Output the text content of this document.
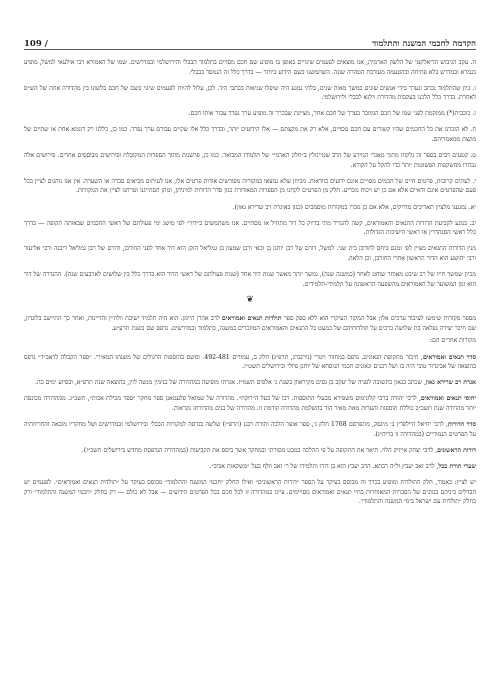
הקדמה לחכמי המשנה והתלמוד
109 /

ה. עקב הגיבוש הדיאלקטי של הלשון הארמית, אנו מוצאים לפעמים שינויים באופן בו מופיע שם חכם מסויים בתלמוד הבבלי והירושלמי ובמדרשים. שמו של האמורא רבי אילעאי למשל, מופיע בגמרא ובמדרש בלא פתיחה ובהטעמה מעורבת הטהרה שונה. השתמשנו בשם הידוע ביותר — בדרך כלל זה הנמסר בבבלי.

ו. כיון שהתלמוד נכתב ונערך בידי אנשים שונים במשך מאות שנים, בלתי נמנע היה שיפלו שגיאות בכתבי היד. לכן, עלול להיות לפעמים שינוי בשם של חכם בלשונו בין מהדורה אחת של הש״ס לאחרת. בדרך כלל הלכנו בעקבות מהדורת וילנא לבבלי ולירושלמי.

ז. כוכבית(*) ממוקמת לפני שמו של חכם המוזכר בערך של חכם אחר, מציינת שבכרך זה מופיע ערך נפרד עבור אותו חכם.

ח. לא הזכרנו את כל החכמים שהיו קשורים עם חכם מסויים, אלא רק את מקצתם — אלו הידועים יותר, ובדרך כלל אלו שקיים עבורם ערך נפרד. כמו כן, כללנו רק דוגמא אחת או שתיים של מקצת ממאמריהם.

ט. קטעים רבים בספר זה נלקחו מתוך מאגרי המידע של הרב שטיינזלץ ב״חלק הארמי״ של תלמודו המבואר. כמו כן, פרשנות מתוך הספרות המקובלת ופירושים מבוססים אחרים. פירושים אלה נבחרו מהשקפות הפשוטות יותר כדי להקל על הקורא.

י. לעתים קרובות, פרטים חיים של חכמים מסויים אינם ידועים בוודאות. מכיוון שלא נמצאו במקורות מפורשים אודות פרטים אלו, אנו לעיתים מביאים סברה או השערה. אין אנו נוהגים לציין בכל פעם שהפרטים אינם ודאיים אלא אם כן יש ויכוח מכריע. חלק מן הפרטים לקחנו מן הספרות המאוחרת כגון סדר הדורות למיניהן, ומהן הסתייגנו וטרחנו לציין את המקורות.

יא. נמנענו מלציין תאריכים מדויקים, אלא אם כן נזכרו במקורות מוסמכים (כגון באיגרת רב שרירא גאון).

יב. בנוגע לקביעת הדורות התנאים והאמוראים, קשה להגדיר מתי בדיוק כל דור מתחיל או מסתיים. אנו משתמשים ב״דור״ לפי מושג ימי פעולתם של ראשי החכמים שבאותה תקופה — בדרך כלל ראשי הסנהדרין או ראשי הישיבות הגדולות.

מנין הדורות התנאים מציין לפי זמנם ביחס לחורבן בית שני. למשל, דורם של רבן יוחנן בן זכאי ורבן שמעון בן גמליאל הזקן הוא דור אחד לפני החורבן, ודורם של רבן גמליאל דיבנה ורבי אליעזר ורבי יהושע הוא הדור הראשון אחרי החורבן, וכן הלאה.

מכיון שמשך חייו של רב שיבט מאוחר שוחט לאחר (כמשנה שנה), נמשך יותר מאשר שנות דור אחד (שנות פעולתם של ראשי הדור הוא בדרך כלל בין שלושים לארבעים שנה). ההגדרה של דור הוא זמן המשוער של האמוראים מהשפעה הראשונה על תלמידי-תלמידים.

❦

מספר מקורות שימשו לעיבוד ערכים אלו; אבל המקור העיקרי הוא ללא ספק ספר תולדות תנאים ואמוראים לרב אהרן היימן. הוא היה תלמיד ישיבת וולוז׳ין והדיינות, ואחר כך התיישב בלונדון, שם חיבר יצירה נפלאה בת שלושה כרכים על תולדותיהם של כמעט כל התנאים והאמוראים המוזכרים במשנה, בתלמוד ובמדרשים. נדפס שם בשנת תרע״ע.

מקורות אחרים הם:

סדר תנאים ואמוראים, חיבור מתקופת הגאונים. נדפס במחזור ויטרי (נירנברג, תרפ״ג) חלק ב, עמודים 492-481. ומשם בהוספות הרגולים של משנתו המאירי. ״ספר הקבלה לראב״ד״ נדפס בהוצאה של אביגדור טובי היה בו ושל רבנים וגאונים חכמי הנוסחא של יוחנן פיולי ובירושלים תשט״ז.

אגרת רב שרירא גאון, שכתב בגאון בתשובה לפניה של יעקב בן נסים מקיראוון בשנת ג׳ אלפים תשמ״ז. אגרתו מופיעה במהדורה של בנימין מנשה לוין, בהוצאה שנת תרפ״א, ובסיוע ימים כה.

יחוסי תנאים ואמוראים, לרבי יהודה ברבי קלונימוס משפירא מבעלי התוספות. רבו של בעל ה״רוקח״. מהדורה של שמואל פלעמאנן ספר מחקר ״ספר מכילת אבות״, תשכ״ג. ממהדורה מכונסת יותר מהדורה שנת תשכ״ב כוללת תוספות והערות מאת מאיר הוד בהשלמת מהדורה קודמת זו. מהדורה של בנים מהדורתו נקראות.

סדר הדורות, לרבי יחיאל היילפרין ב׳ מינסק, מתפרסם 1768 חלק ג׳, ספר אוצר הלכה ותורת רבנן (תרפ״ז) שלשה בגרסה למקורות הבבלי ובירושלמי ובמדרשים ושל מחקריו מובאה והחריוותיה על הפרטים הגמוריים (במהדורה זו בריה״ג).

דורות הראשונים, לרבי יצחק אייזיק הלוי. תיאר את התקופה על פי ההלכה במבט מסורתי ובמחקר אשר ביסס את הקביעות (במהדורה הנדפסת מחדש בירושלים תשכ״ז).

שערי תורת בבל, לרב זאב יעבץ ול״ה רבתא. הרב יעבץ הוא בן דורו ותלמידו של ר׳ זאב וולף בעל ״משקאות אביב״.

יש לציין: כאמור, חלק התולדות ומופיע בכרך זה מבוסס בעיקר על הספר ״דורות הראשונים״ ואילו החלק ״חכמי המשנה והתלמוד״ מבוסס בעיקר על ״תולדות תנאים ואמוראים״. לפעמים יש הבדלים ביניהם בגוונים של הסברות המאוחרות בחיי תנאים ואמוראים מסויימים. ציינו במהדורה זו לכל חכם בכל הפרטים הידועים — אבל לא כולם — רק בחלק ״חכמי המשנה והתלמוד״ ורק בחלק ״תולדות עם ישראל בימי המשנה והתלמוד״.
